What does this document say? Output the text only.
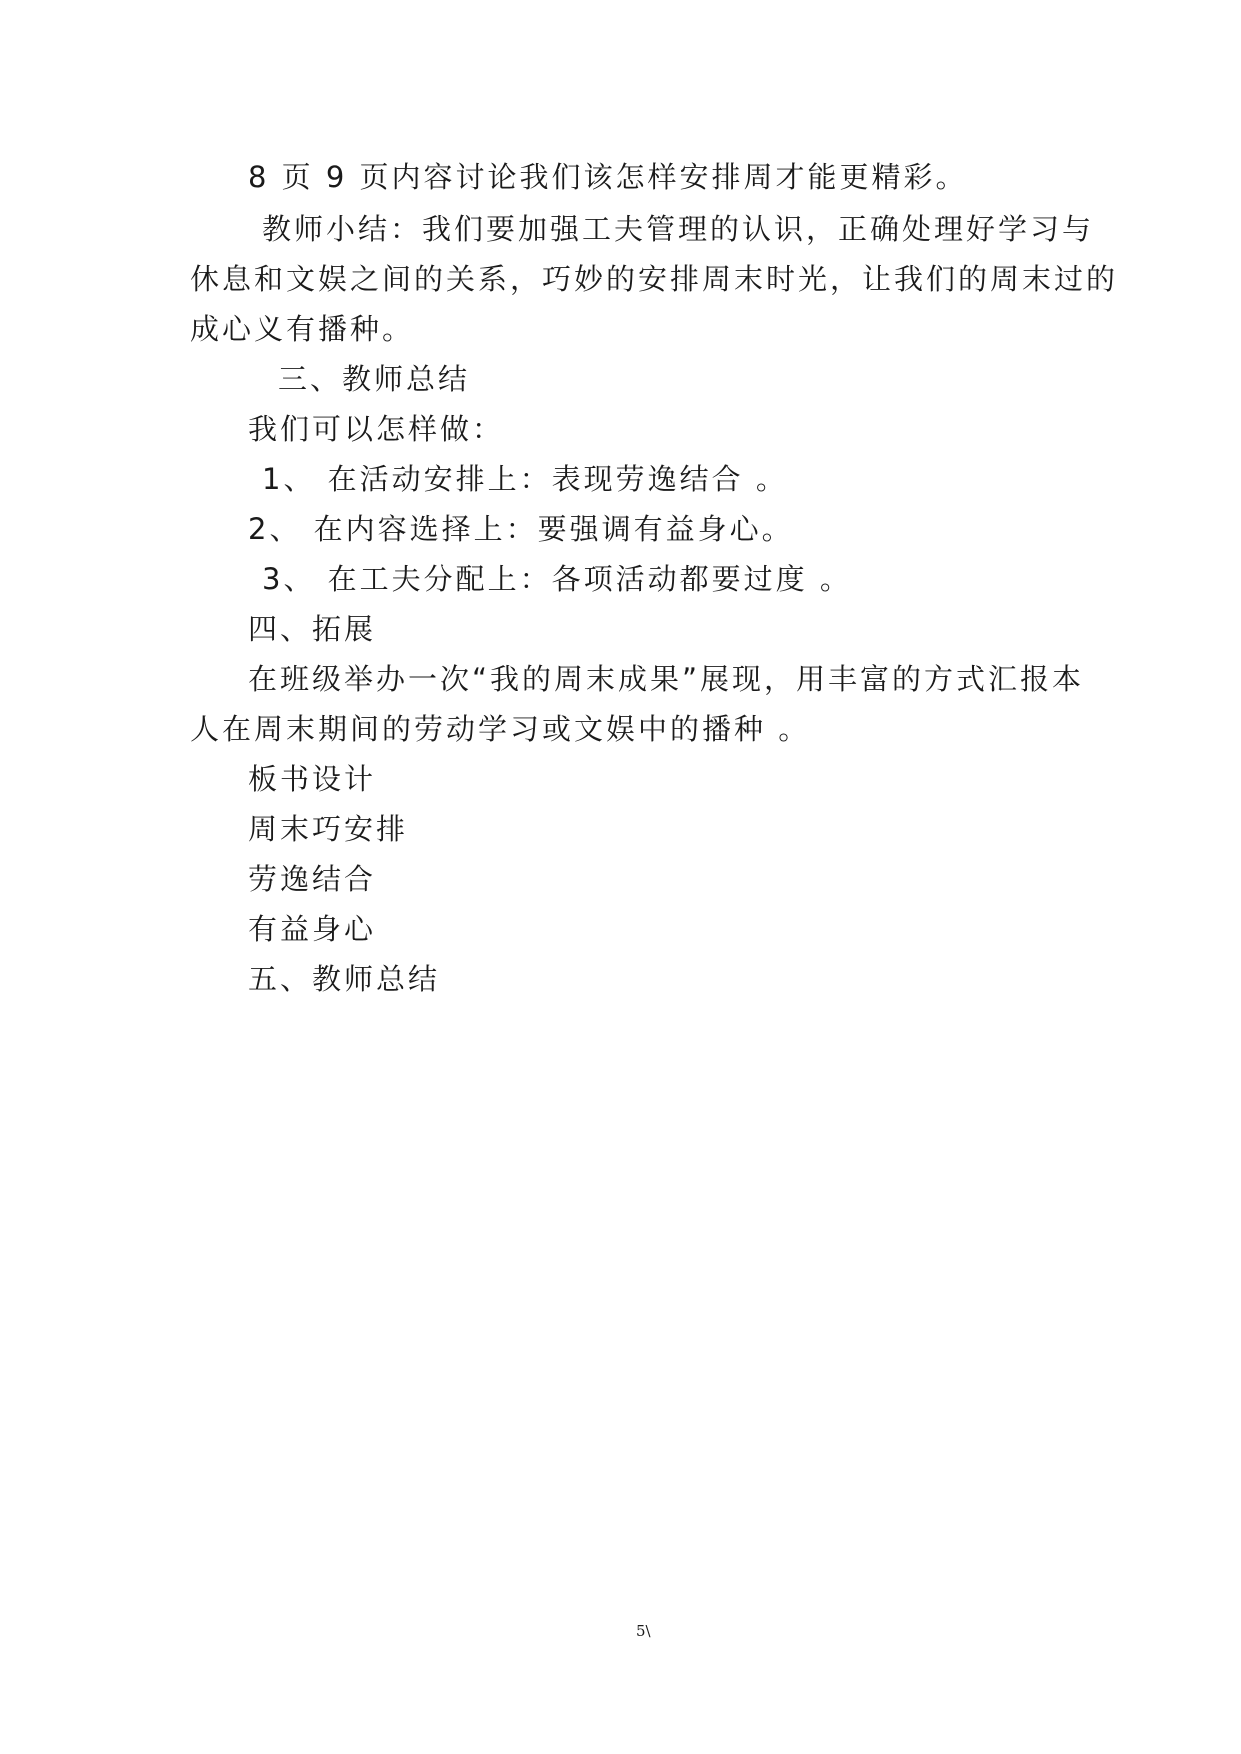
8 页 9 页内容讨论我们该怎样安排周才能更精彩。
教师小结：我们要加强工夫管理的认识，正确处理好学习与
休息和文娱之间的关系，巧妙的安排周末时光，让我们的周末过的
成心义有播种。
三、教师总结
我们可以怎样做：
1、 在活动安排上：表现劳逸结合 。
2、 在内容选择上：要强调有益身心。
3、 在工夫分配上：各项活动都要过度 。
四、拓展
在班级举办一次“我的周末成果”展现，用丰富的方式汇报本
人在周末期间的劳动学习或文娱中的播种 。
板书设计
周末巧安排
劳逸结合
有益身心
五、教师总结
5\
